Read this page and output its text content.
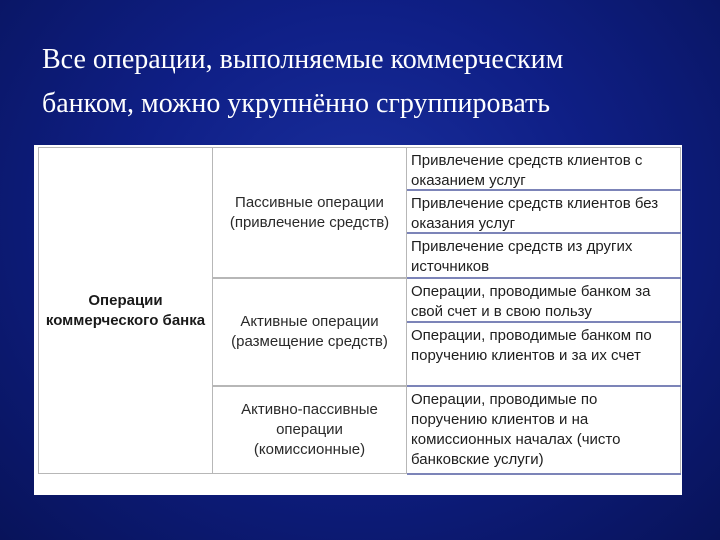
Все операции, выполняемые коммерческим
банком, можно укрупнённо сгруппировать
Операции коммерческого банка
Пассивные операции (привлечение средств)
Привлечение средств клиентов с оказанием услуг
Привлечение средств клиентов без оказания услуг
Привлечение средств из других источников
Активные операции (размещение средств)
Операции, проводимые банком за свой счет и в свою пользу
Операции, проводимые банком по поручению клиентов и за их счет
Активно-пассивные операции (комиссионные)
Операции, проводимые по поручению клиентов и на комиссионных началах (чисто банковские услуги)
